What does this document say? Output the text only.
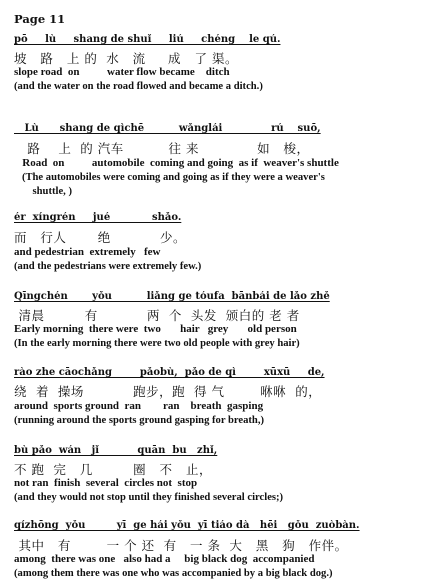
Page 11
pō     lù     shang de shuǐ     liú     chéng    le qú.
坡   路   上 的  水   流     成   了 渠。
slope road  on          water flow became    ditch
(and the water on the road flowed and became a ditch.)
Lù      shang de qìchē          wǎnglái              rú    suō,
路    上  的 汽车          往 来             如   梭，
Road  on          automobile  coming and going  as if  weaver's shuttle
(The automobiles were coming and going as if they were a weaver's
shuttle, )
ér  xíngrén     jué            shǎo.
而   行人       绝           少。
and pedestrian  extremely   few
(and the pedestrians were extremely few.)
Qīngchén       yǒu          liǎng ge tóufa  bānbái de lǎo zhě
清晨         有           两  个  头发  颁白的 老 者
Early morning  there were  two       hair   grey       old person
(In the early morning there were two old people with grey hair)
rào zhe cāochǎng        pǎobù,  pǎo de qì        xūxū     de,
绕  着  操场           跑步，跑  得 气        咻咻  的，
around  sports ground  ran        ran    breath  gasping
(running around the sports ground gasping for breath,)
bù pǎo  wán   jǐ           quān  bu   zhǐ,
不 跑  完   几         圈   不   止，
not ran  finish  several  circles not  stop
(and they would not stop until they finished several circles;)
qízhōng  yǒu         yī  ge hái yǒu  yī tiáo dà   hēi   gǒu  zuòbàn.
其中   有        一 个 还  有   一 条  大   黑   狗   作伴。
among  there was one   also had a     big black dog  accompanied
(among them there was one who was accompanied by a big black dog.)
